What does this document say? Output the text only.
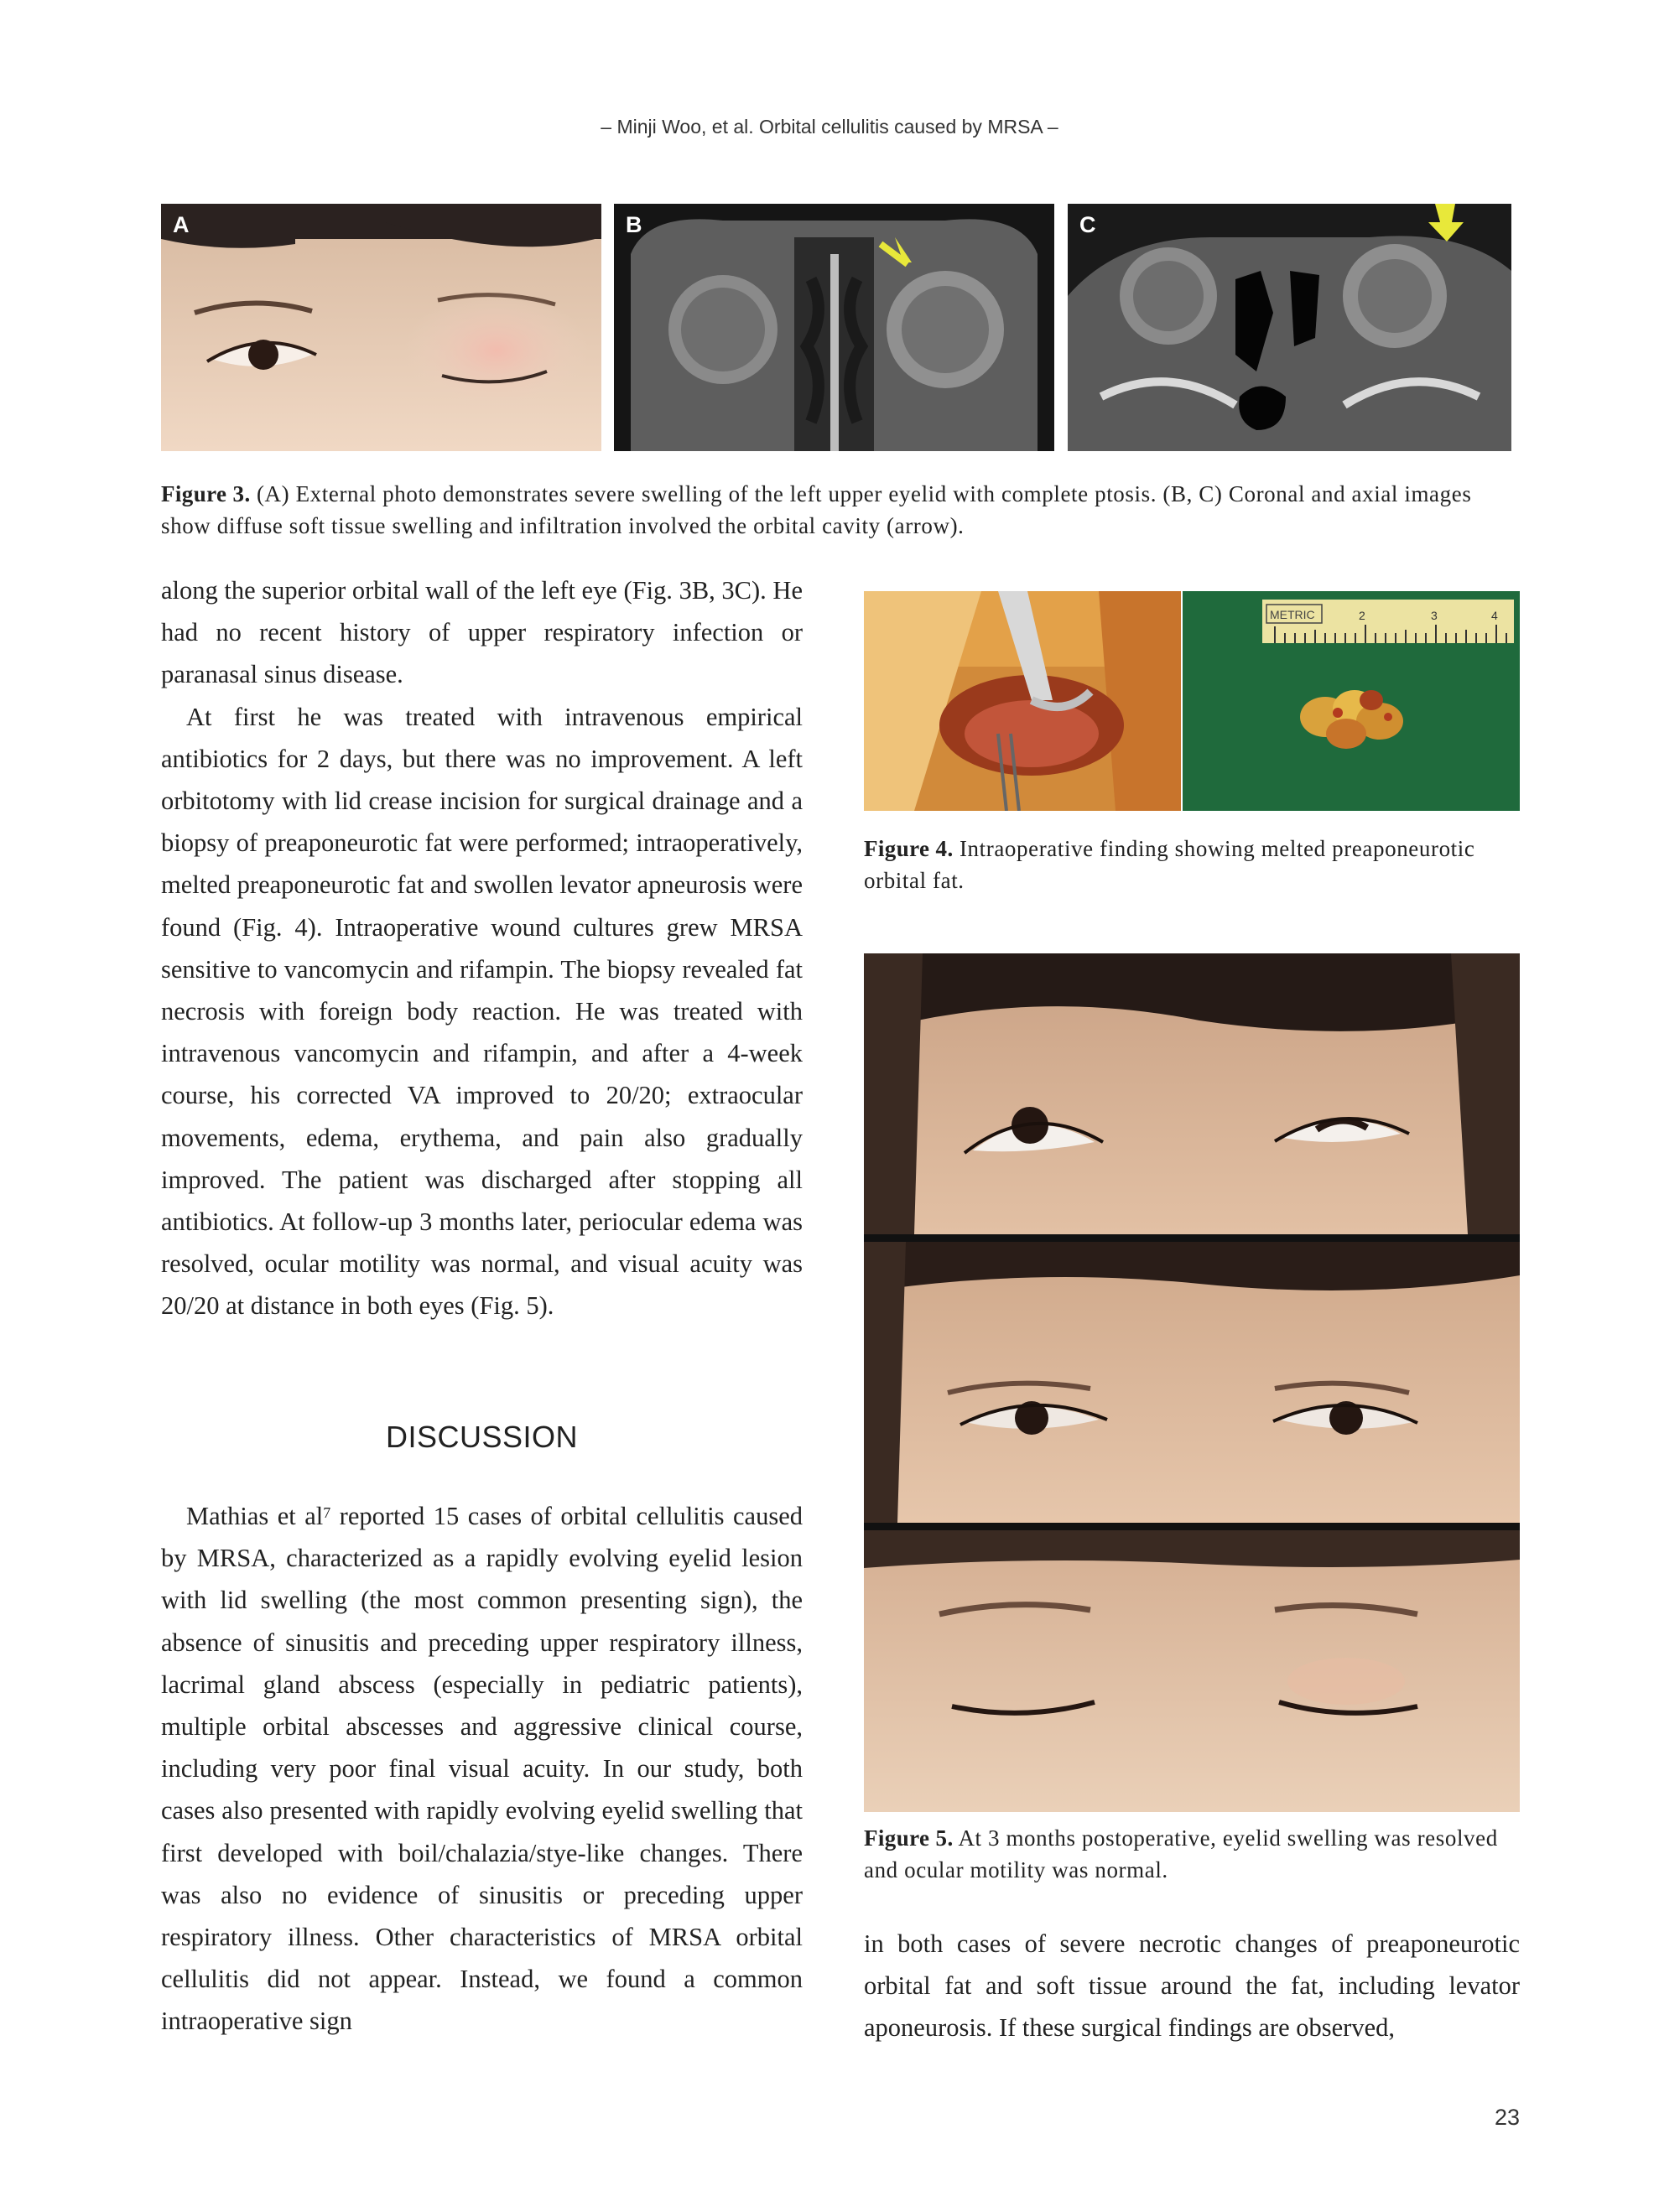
– Minji Woo, et al. Orbital cellulitis caused by MRSA –
A	B	C
Figure 3. (A) External photo demonstrates severe swelling of the left upper eyelid with complete ptosis. (B, C) Coronal and axial images show diffuse soft tissue swelling and infiltration involved the orbital cavity (arrow).

along the superior orbital wall of the left eye (Fig. 3B, 3C). He had no recent history of upper respiratory infection or paranasal sinus disease.

At first he was treated with intravenous empirical antibiotics for 2 days, but there was no improvement. A left orbitotomy with lid crease incision for surgical drainage and a biopsy of preaponeurotic fat were performed; intraoperatively, melted preaponeurotic fat and swollen levator apneurosis were found (Fig. 4). Intraoperative wound cultures grew MRSA sensitive to vancomycin and rifampin. The biopsy revealed fat necrosis with foreign body reaction. He was treated with intravenous vancomycin and rifampin, and after a 4-week course, his corrected VA improved to 20/20; extraocular movements, edema, erythema, and pain also gradually improved. The patient was discharged after stopping all antibiotics. At follow-up 3 months later, periocular edema was resolved, ocular motility was normal, and visual acuity was 20/20 at distance in both eyes (Fig. 5).

DISCUSSION

Mathias et $al^7$ reported 15 cases of orbital cellulitis caused by MRSA, characterized as a rapidly evolving eyelid lesion with lid swelling (the most common presenting sign), the absence of sinusitis and preceding upper respiratory illness, lacrimal gland abscess (especially in pediatric patients), multiple orbital abscesses and aggressive clinical course, including very poor final visual acuity. In our study, both cases also presented with rapidly evolving eyelid swelling that first developed with boil/chalazia/stye-like changes. There was also no evidence of sinusitis or preceding upper respiratory illness. Other characteristics of MRSA orbital cellulitis did not appear. Instead, we found a common intraoperative sign

METRIC	2	3	4
Figure 4. Intraoperative finding showing melted preaponeurotic orbital fat.
Figure 5. At 3 months postoperative, eyelid swelling was resolved and ocular motility was normal.

in both cases of severe necrotic changes of preaponeurotic orbital fat and soft tissue around the fat, including levator aponeurosis. If these surgical findings are observed,

23
